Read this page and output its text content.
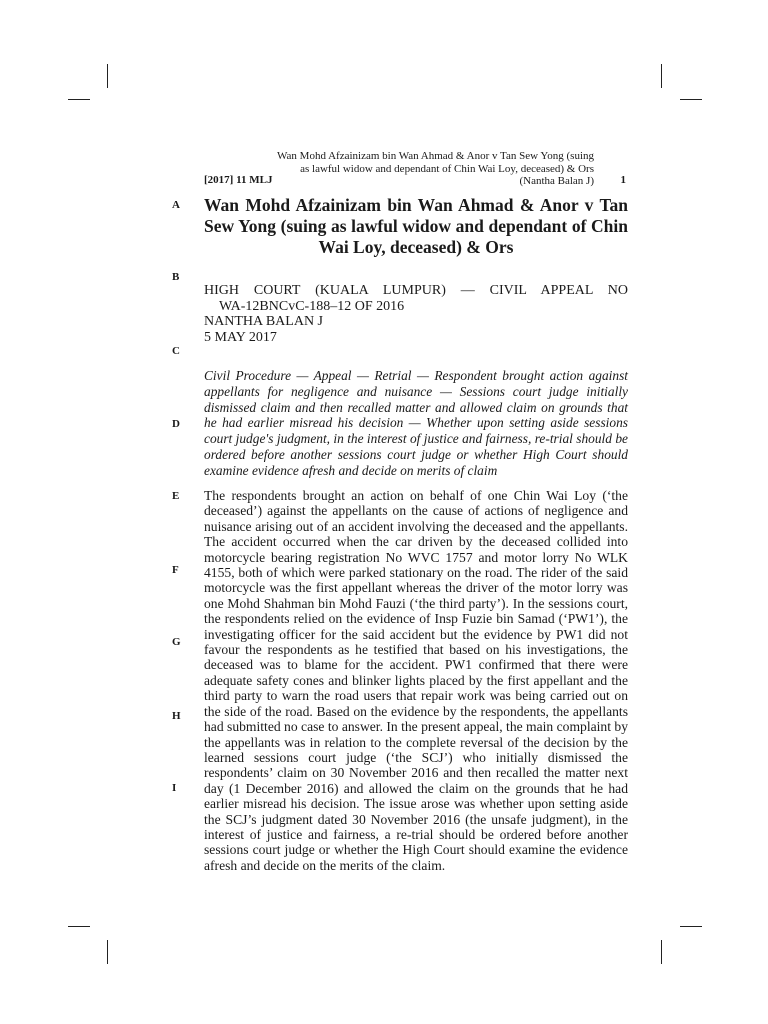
[2017] 11 MLJ
Wan Mohd Afzainizam bin Wan Ahmad & Anor v Tan Sew Yong (suing as lawful widow and dependant of Chin Wai Loy, deceased) & Ors (Nantha Balan J) 1
A
B
C
D
E
F
G
H
I
Wan Mohd Afzainizam bin Wan Ahmad & Anor v Tan Sew Yong (suing as lawful widow and dependant of Chin Wai Loy, deceased) & Ors
HIGH COURT (KUALA LUMPUR) — CIVIL APPEAL NO
WA-12BNCvC-188–12 OF 2016
NANTHA BALAN J
5 MAY 2017
Civil Procedure — Appeal — Retrial — Respondent brought action against appellants for negligence and nuisance — Sessions court judge initially dismissed claim and then recalled matter and allowed claim on grounds that he had earlier misread his decision — Whether upon setting aside sessions court judge's judgment, in the interest of justice and fairness, re-trial should be ordered before another sessions court judge or whether High Court should examine evidence afresh and decide on merits of claim
The respondents brought an action on behalf of one Chin Wai Loy (‘the deceased’) against the appellants on the cause of actions of negligence and nuisance arising out of an accident involving the deceased and the appellants. The accident occurred when the car driven by the deceased collided into motorcycle bearing registration No WVC 1757 and motor lorry No WLK 4155, both of which were parked stationary on the road. The rider of the said motorcycle was the first appellant whereas the driver of the motor lorry was one Mohd Shahman bin Mohd Fauzi (‘the third party’). In the sessions court, the respondents relied on the evidence of Insp Fuzie bin Samad (‘PW1’), the investigating officer for the said accident but the evidence by PW1 did not favour the respondents as he testified that based on his investigations, the deceased was to blame for the accident. PW1 confirmed that there were adequate safety cones and blinker lights placed by the first appellant and the third party to warn the road users that repair work was being carried out on the side of the road. Based on the evidence by the respondents, the appellants had submitted no case to answer. In the present appeal, the main complaint by the appellants was in relation to the complete reversal of the decision by the learned sessions court judge (‘the SCJ’) who initially dismissed the respondents’ claim on 30 November 2016 and then recalled the matter next day (1 December 2016) and allowed the claim on the grounds that he had earlier misread his decision. The issue arose was whether upon setting aside the SCJ’s judgment dated 30 November 2016 (the unsafe judgment), in the interest of justice and fairness, a re-trial should be ordered before another sessions court judge or whether the High Court should examine the evidence afresh and decide on the merits of the claim.
